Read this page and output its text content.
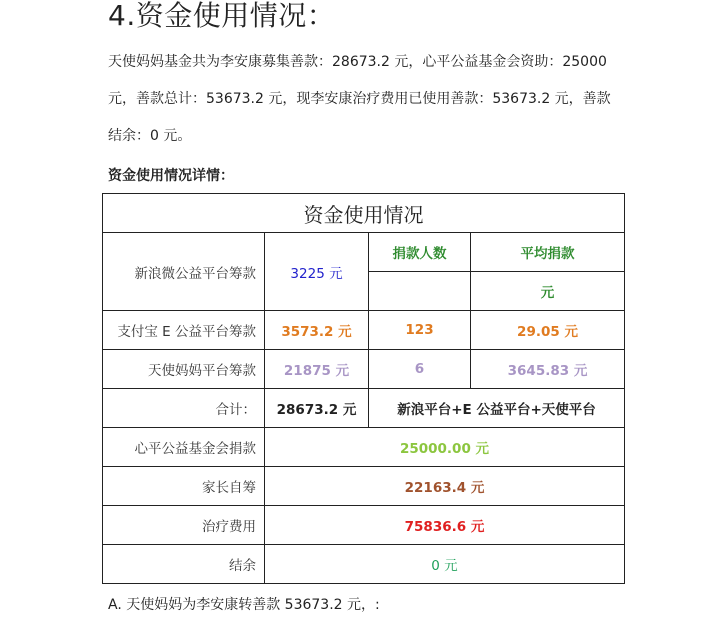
4.资金使用情况：
天使妈妈基金共为李安康募集善款：28673.2 元，心平公益基金会资助：25000
元，善款总计：53673.2 元，现李安康治疗费用已使用善款：53673.2 元，善款
结余：0 元。
资金使用情况详情：
资金使用情况			
新浪微公益平台筹款	3225 元	捐款人数	平均捐款
			元
支付宝 E 公益平台筹款	3573.2 元	123	29.05 元
天使妈妈平台筹款	21875 元	6	3645.83 元
合计：	28673.2 元	新浪平台+E 公益平台+天使平台	
心平公益基金会捐款	25000.00 元		
家长自筹	22163.4 元		
治疗费用	75836.6 元		
结余	0 元		
A. 天使妈妈为李安康转善款 53673.2 元，:
